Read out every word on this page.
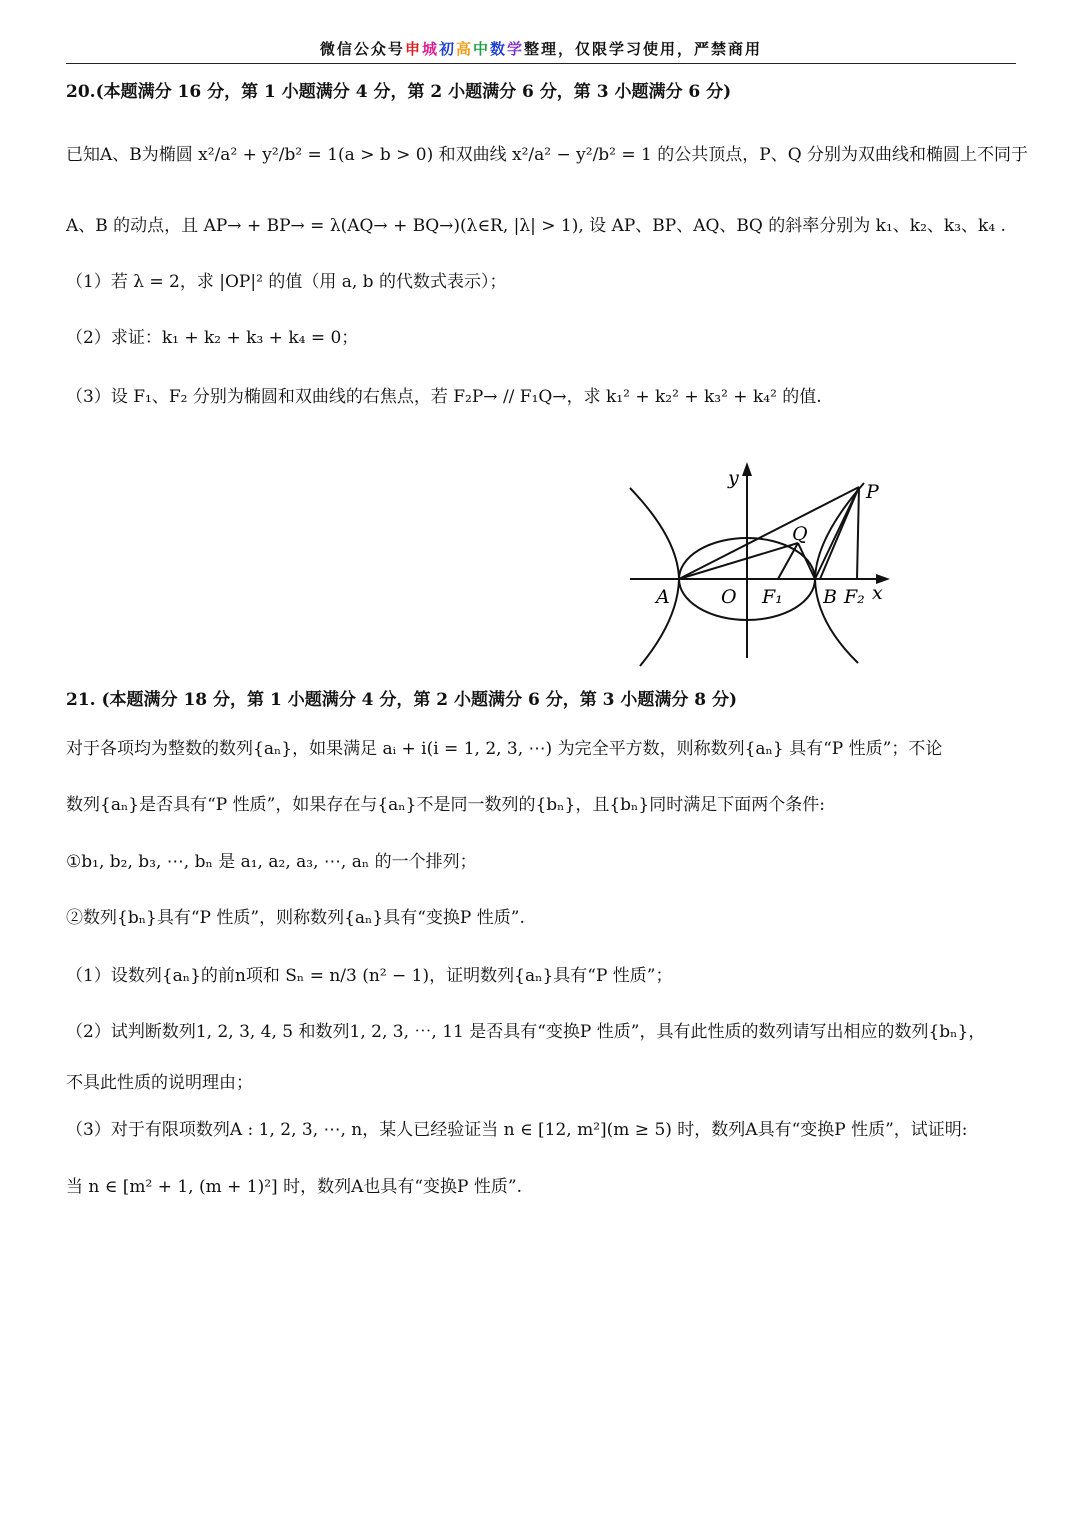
微信公众号申城初高中数学整理，仅限学习使用，严禁商用
20.(本题满分 16 分，第 1 小题满分 4 分，第 2 小题满分 6 分，第 3 小题满分 6 分)
已知A、B为椭圆 x²/a² + y²/b² = 1(a > b > 0) 和双曲线 x²/a² − y²/b² = 1 的公共顶点，P、Q 分别为双曲线和椭圆上不同于
A、B 的动点，且 AP→ + BP→ = λ(AQ→ + BQ→)(λ∈R, |λ| > 1), 设 AP、BP、AQ、BQ 的斜率分别为 k₁、k₂、k₃、k₄ .
（1）若 λ = 2，求 |OP|² 的值（用 a, b 的代数式表示）；
（2）求证：k₁ + k₂ + k₃ + k₄ = 0；
（3）设 F₁、F₂ 分别为椭圆和双曲线的右焦点，若 F₂P→ // F₁Q→，求 k₁² + k₂² + k₃² + k₄² 的值.
y
x
A	O F₁ B F₂
P
Q
21. (本题满分 18 分，第 1 小题满分 4 分，第 2 小题满分 6 分，第 3 小题满分 8 分)
对于各项均为整数的数列{aₙ}，如果满足 aᵢ + i(i = 1, 2, 3, ⋯) 为完全平方数，则称数列{aₙ} 具有“P 性质”；不论
数列{aₙ}是否具有“P 性质”，如果存在与{aₙ}不是同一数列的{bₙ}，且{bₙ}同时满足下面两个条件:
①b₁, b₂, b₃, ⋯, bₙ 是 a₁, a₂, a₃, ⋯, aₙ 的一个排列；
②数列{bₙ}具有“P 性质”，则称数列{aₙ}具有“变换P 性质”.
（1）设数列{aₙ}的前n项和 Sₙ = n/3 (n² − 1)，证明数列{aₙ}具有“P 性质”；
（2）试判断数列1, 2, 3, 4, 5 和数列1, 2, 3, ⋯, 11 是否具有“变换P 性质”，具有此性质的数列请写出相应的数列{bₙ}，
不具此性质的说明理由；
（3）对于有限项数列A : 1, 2, 3, ⋯, n，某人已经验证当 n ∈ [12, m²](m ≥ 5) 时，数列A具有“变换P 性质”，试证明:
当 n ∈ [m² + 1, (m + 1)²] 时，数列A也具有“变换P 性质”.
